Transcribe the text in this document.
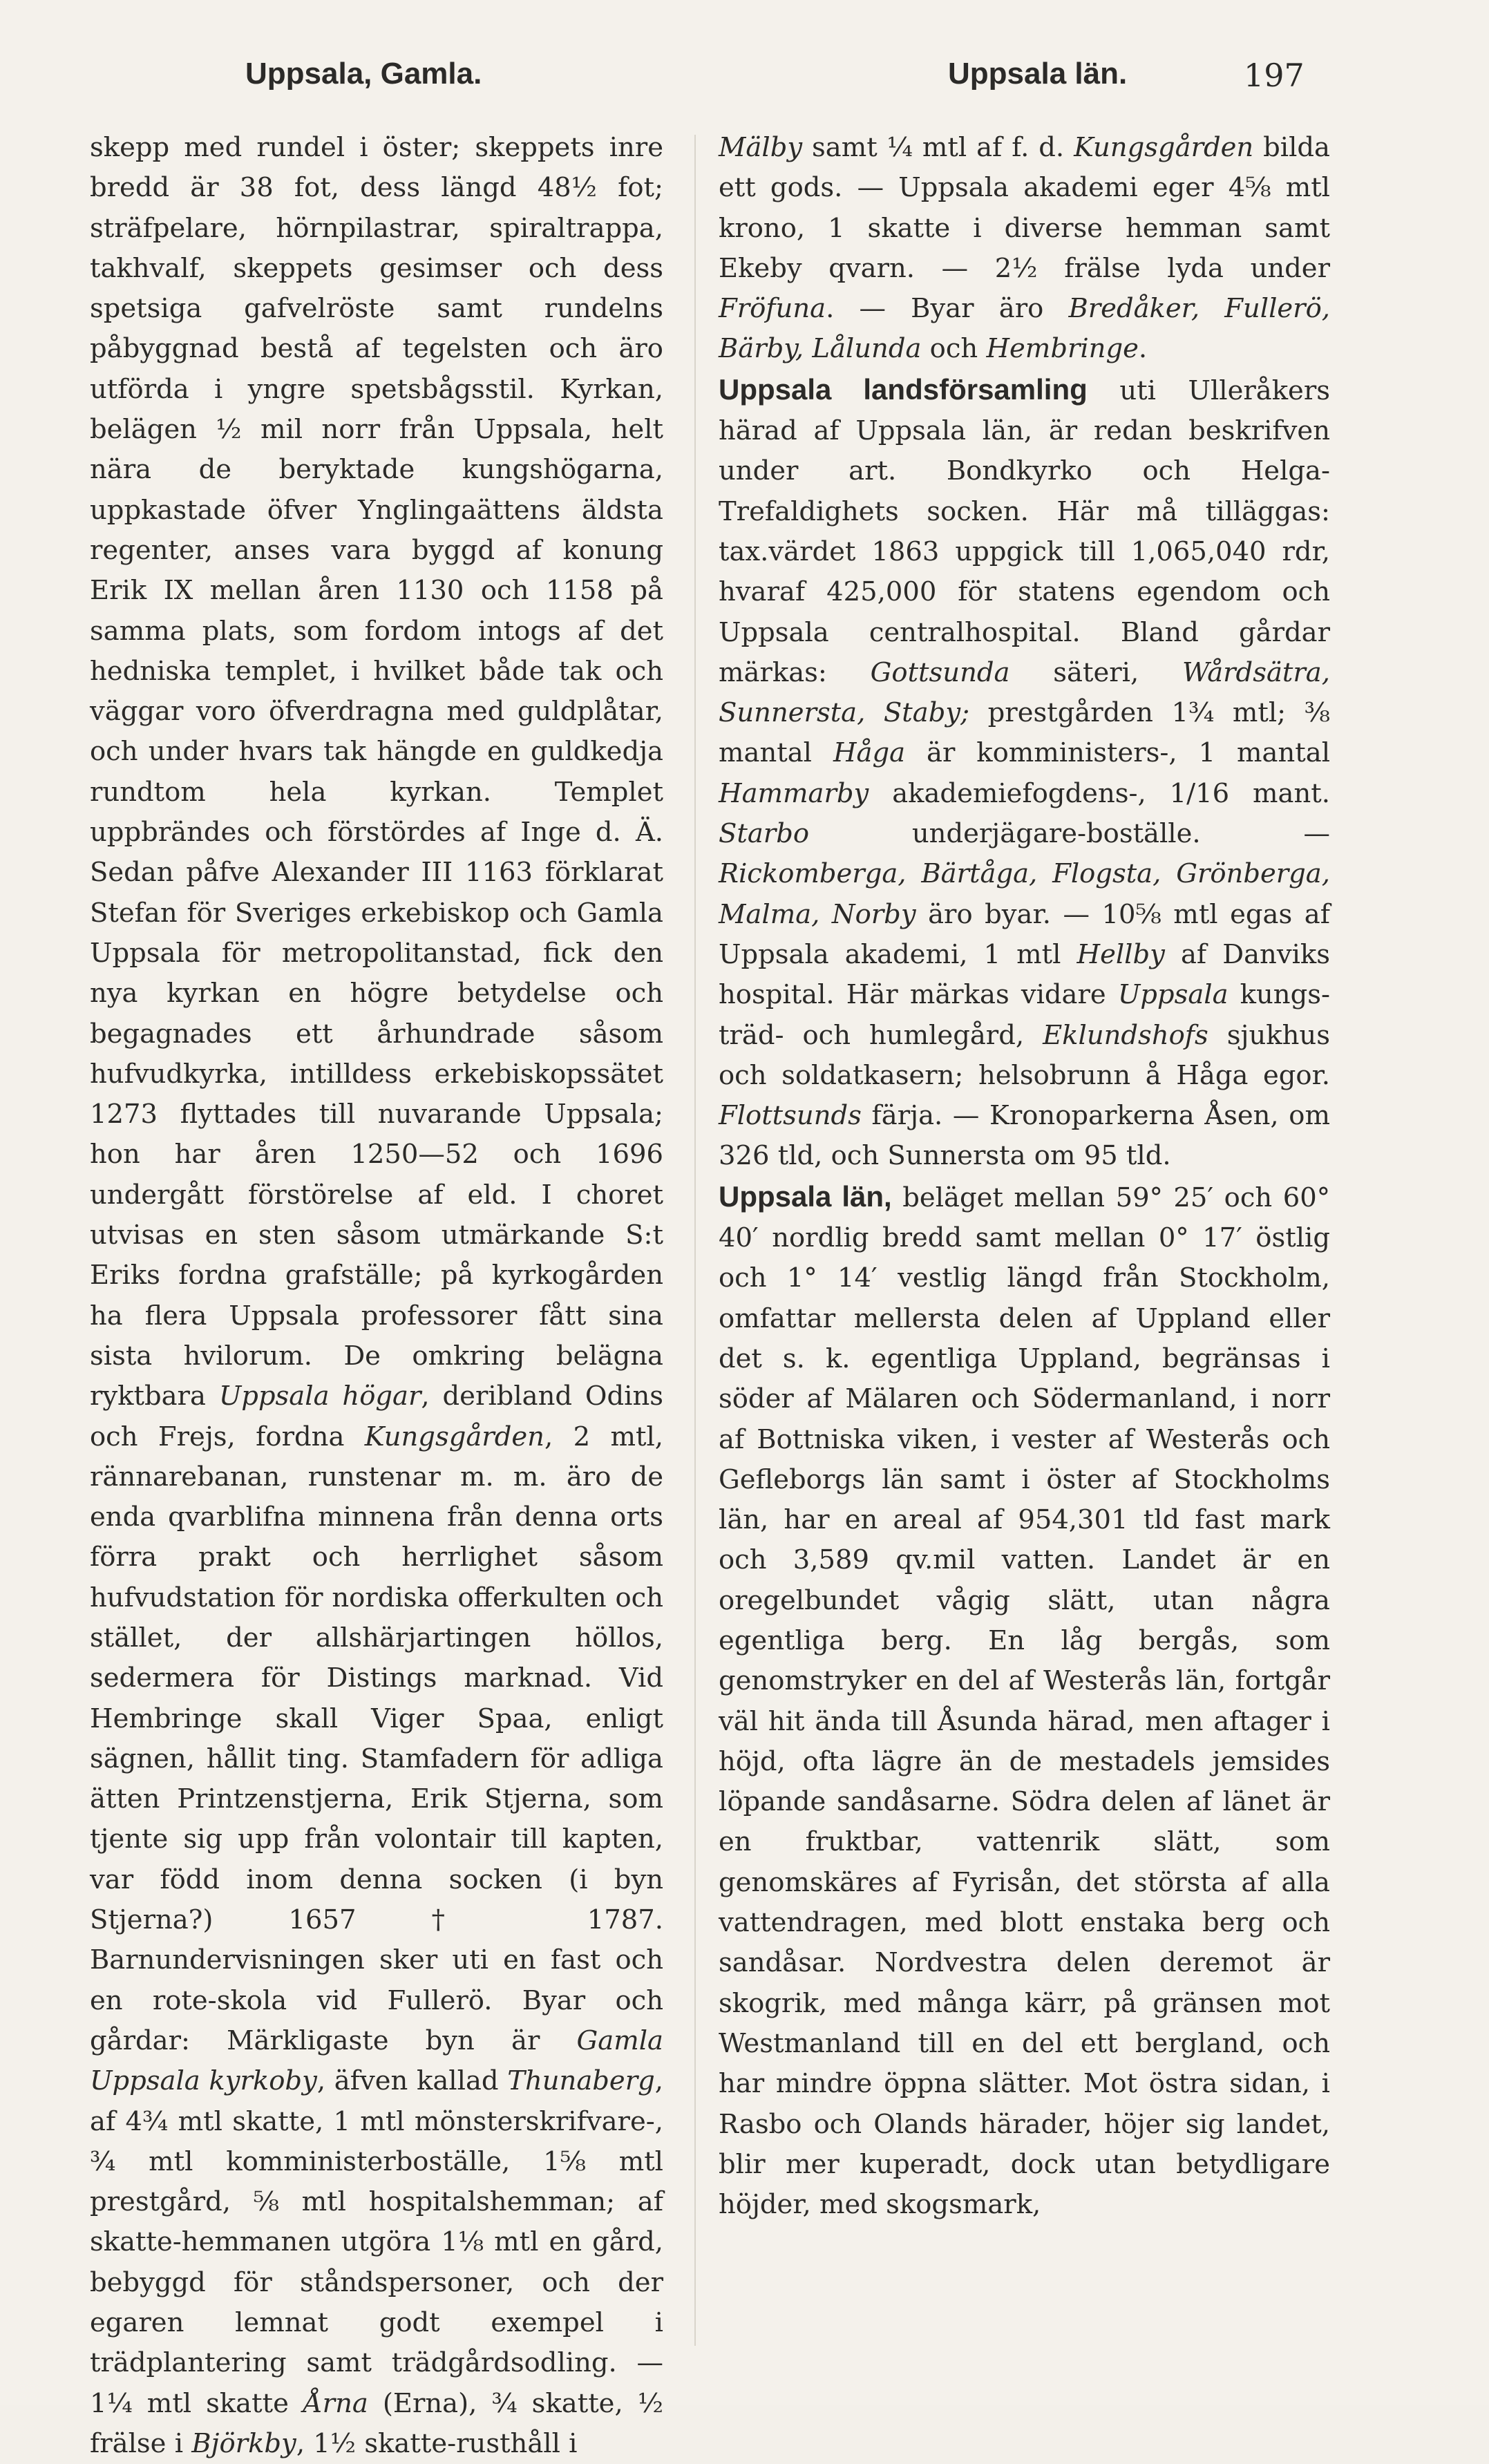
Uppsala, Gamla.	Uppsala län.	197

skepp med rundel i öster; skeppets inre bredd är 38 fot, dess längd 48½ fot; sträfpelare, hörnpilastrar, spiraltrappa, takhvalf, skeppets gesimser och dess spetsiga gafvelröste samt rundelns påbyggnad bestå af tegelsten och äro utförda i yngre spetsbågsstil. Kyrkan, belägen ½ mil norr från Uppsala, helt nära de beryktade kungshögarna, uppkastade öfver Ynglingaättens äldsta regenter, anses vara byggd af konung Erik IX mellan åren 1130 och 1158 på samma plats, som fordom intogs af det hedniska templet, i hvilket både tak och väggar voro öfverdragna med guldplåtar, och under hvars tak hängde en guldkedja rundtom hela kyrkan. Templet uppbrändes och förstördes af Inge d. Ä. Sedan påfve Alexander III 1163 förklarat Stefan för Sveriges erkebiskop och Gamla Uppsala för metropolitanstad, fick den nya kyrkan en högre betydelse och begagnades ett århundrade såsom hufvudkyrka, intilldess erkebiskopssätet 1273 flyttades till nuvarande Uppsala; hon har åren 1250—52 och 1696 undergått förstörelse af eld. I choret utvisas en sten såsom utmärkande S:t Eriks fordna grafställe; på kyrkogården ha flera Uppsala professorer fått sina sista hvilorum. De omkring belägna ryktbara Uppsala högar, deribland Odins och Frejs, fordna Kungsgården, 2 mtl, rännarebanan, runstenar m. m. äro de enda qvarblifna minnena från denna orts förra prakt och herrlighet såsom hufvudstation för nordiska offerkulten och stället, der allshärjartingen höllos, sedermera för Distings marknad. Vid Hembringe skall Viger Spaa, enligt sägnen, hållit ting. Stamfadern för adliga ätten Printzenstjerna, Erik Stjerna, som tjente sig upp från volontair till kapten, var född inom denna socken (i byn Stjerna?) 1657 † 1787. Barnundervisningen sker uti en fast och en rote-skola vid Fullerö. Byar och gårdar: Märkligaste byn är Gamla Uppsala kyrkoby, äfven kallad Thunaberg, af 4¾ mtl skatte, 1 mtl mönsterskrifvare-, ¾ mtl komministerboställe, 1⅝ mtl prestgård, ⅝ mtl hospitalshemman; af skatte-hemmanen utgöra 1⅛ mtl en gård, bebyggd för ståndspersoner, och der egaren lemnat godt exempel i trädplantering samt trädgårdsodling. — 1¼ mtl skatte Årna (Erna), ¾ skatte, ½ frälse i Björkby, 1½ skatte-rusthåll i

Mälby samt ¼ mtl af f. d. Kungsgården bilda ett gods. — Uppsala akademi eger 4⅝ mtl krono, 1 skatte i diverse hemman samt Ekeby qvarn. — 2½ frälse lyda under Fröfuna. — Byar äro Bredåker, Fullerö, Bärby, Lålunda och Hembringe.

Uppsala landsförsamling uti Ulleråkers härad af Uppsala län, är redan beskrifven under art. Bondkyrko och Helga-Trefaldighets socken. Här må tilläggas: tax.värdet 1863 uppgick till 1,065,040 rdr, hvaraf 425,000 för statens egendom och Uppsala centralhospital. Bland gårdar märkas: Gottsunda säteri, Wårdsätra, Sunnersta, Staby; prestgården 1¾ mtl; ⅜ mantal Håga är komministers-, 1 mantal Hammarby akademiefogdens-, 1/16 mant. Starbo underjägare-boställe. — Rickomberga, Bärtåga, Flogsta, Grönberga, Malma, Norby äro byar. — 10⅝ mtl egas af Uppsala akademi, 1 mtl Hellby af Danviks hospital. Här märkas vidare Uppsala kungs-träd- och humlegård, Eklundshofs sjukhus och soldatkasern; helsobrunn å Håga egor. Flottsunds färja. — Kronoparkerna Åsen, om 326 tld, och Sunnersta om 95 tld.

Uppsala län, beläget mellan 59° 25′ och 60° 40′ nordlig bredd samt mellan 0° 17′ östlig och 1° 14′ vestlig längd från Stockholm, omfattar mellersta delen af Uppland eller det s. k. egentliga Uppland, begränsas i söder af Mälaren och Södermanland, i norr af Bottniska viken, i vester af Westerås och Gefleborgs län samt i öster af Stockholms län, har en areal af 954,301 tld fast mark och 3,589 qv.mil vatten. Landet är en oregelbundet vågig slätt, utan några egentliga berg. En låg bergås, som genomstryker en del af Westerås län, fortgår väl hit ända till Åsunda härad, men aftager i höjd, ofta lägre än de mestadels jemsides löpande sandåsarne. Södra delen af länet är en fruktbar, vattenrik slätt, som genomskäres af Fyrisån, det största af alla vattendragen, med blott enstaka berg och sandåsar. Nordvestra delen deremot är skogrik, med många kärr, på gränsen mot Westmanland till en del ett bergland, och har mindre öppna slätter. Mot östra sidan, i Rasbo och Olands härader, höjer sig landet, blir mer kuperadt, dock utan betydligare höjder, med skogsmark,
